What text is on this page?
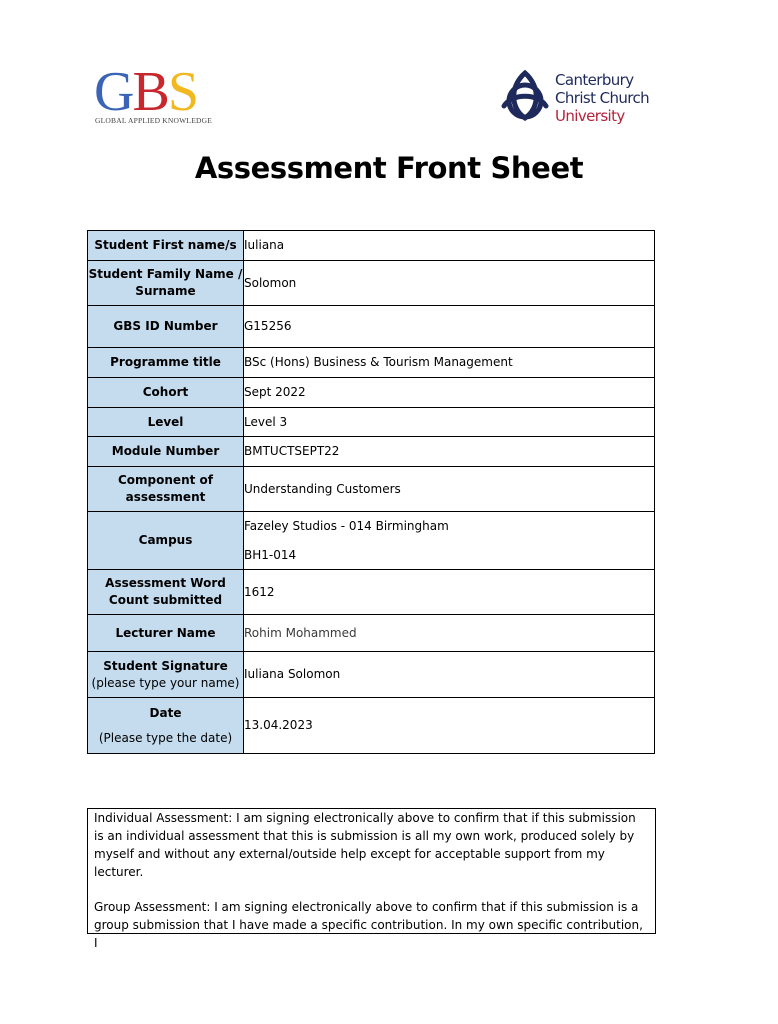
GBS
GLOBAL APPLIED KNOWLEDGE
Canterbury
Christ Church
University
Assessment Front Sheet
Student First name/s	Iuliana
Student Family Name / Surname	Solomon
GBS ID Number	G15256
Programme title	BSc (Hons) Business & Tourism Management
Cohort	Sept 2022
Level	Level 3
Module Number	BMTUCTSEPT22
Component of assessment	Understanding Customers
Campus	Fazeley Studios - 014 Birmingham
BH1-014

Assessment Word Count submitted	1612
Lecturer Name	Rohim Mohammed
Student Signature
(please type your name)	Iuliana Solomon
Date
(Please type the date)	13.04.2023

Individual Assessment: I am signing electronically above to confirm that if this submission is an individual assessment that this is submission is all my own work, produced solely by myself and without any external/outside help except for acceptable support from my lecturer.

Group Assessment: I am signing electronically above to confirm that if this submission is a group submission that I have made a specific contribution. In my own specific contribution, I
